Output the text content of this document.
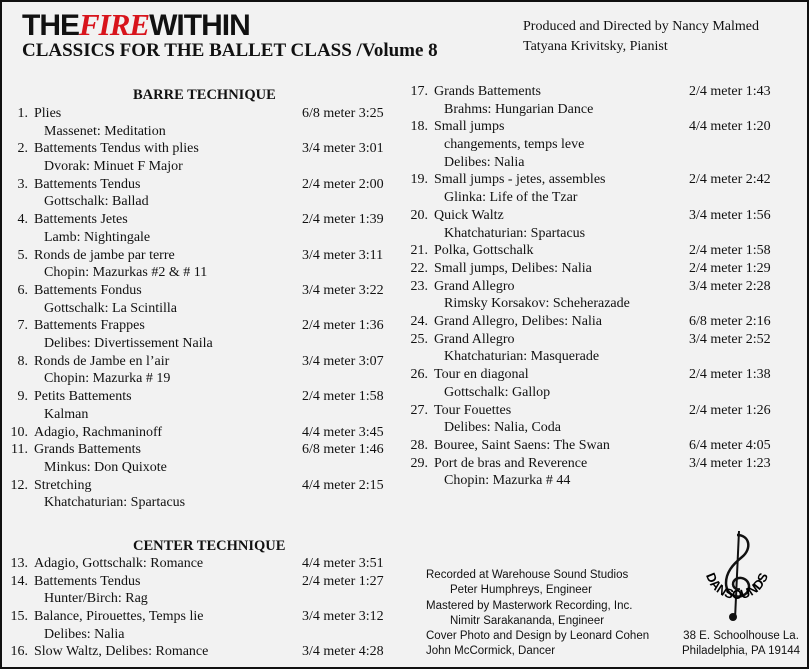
THEFIREWITHIN
CLASSICS FOR THE BALLET CLASS /Volume 8
Produced and Directed by Nancy Malmed
Tatyana Krivitsky, Pianist
BARRE TECHNIQUE
1. Plies	6/8 meter 3:25
Massenet: Meditation
2. Battements Tendus with plies	3/4 meter 3:01
Dvorak: Minuet F Major
3. Battements Tendus	2/4 meter 2:00
Gottschalk: Ballad
4. Battements Jetes	2/4 meter 1:39
Lamb: Nightingale
5. Ronds de jambe par terre	3/4 meter 3:11
Chopin: Mazurkas #2 & # 11
6. Battements Fondus	3/4 meter 3:22
Gottschalk: La Scintilla
7. Battements Frappes	2/4 meter 1:36
Delibes: Divertissement Naila
8. Ronds de Jambe en l’air	3/4 meter 3:07
Chopin: Mazurka # 19
9. Petits Battements	2/4 meter 1:58
Kalman
10. Adagio, Rachmaninoff	4/4 meter 3:45
11. Grands Battements	6/8 meter 1:46
Minkus: Don Quixote
12. Stretching	4/4 meter 2:15
Khatchaturian: Spartacus
CENTER TECHNIQUE
13. Adagio, Gottschalk: Romance	4/4 meter 3:51
14. Battements Tendus	2/4 meter 1:27
Hunter/Birch: Rag
15. Balance, Pirouettes, Temps lie	3/4 meter 3:12
Delibes: Nalia
16. Slow Waltz, Delibes: Romance	3/4 meter 4:28
17. Grands Battements	2/4 meter 1:43
Brahms: Hungarian Dance
18. Small jumps	4/4 meter 1:20
changements, temps leve
Delibes: Nalia
19. Small jumps - jetes, assembles	2/4 meter 2:42
Glinka: Life of the Tzar
20. Quick Waltz	3/4 meter 1:56
Khatchaturian: Spartacus
21. Polka, Gottschalk	2/4 meter 1:58
22. Small jumps, Delibes: Nalia	2/4 meter 1:29
23. Grand Allegro	3/4 meter 2:28
Rimsky Korsakov: Scheherazade
24. Grand Allegro, Delibes: Nalia	6/8 meter 2:16
25. Grand Allegro	3/4 meter 2:52
Khatchaturian: Masquerade
26. Tour en diagonal	2/4 meter 1:38
Gottschalk: Gallop
27. Tour Fouettes	2/4 meter 1:26
Delibes: Nalia, Coda
28. Bouree, Saint Saens: The Swan	6/4 meter 4:05
29. Port de bras and Reverence	3/4 meter 1:23
Chopin: Mazurka # 44
Recorded at Warehouse Sound Studios
Peter Humphreys, Engineer
Mastered by Masterwork Recording, Inc.
Nimitr Sarakananda, Engineer
Cover Photo and Design by Leonard Cohen
John McCormick, Dancer
DANSOUNDS
38 E. Schoolhouse La.
Philadelphia, PA 19144
